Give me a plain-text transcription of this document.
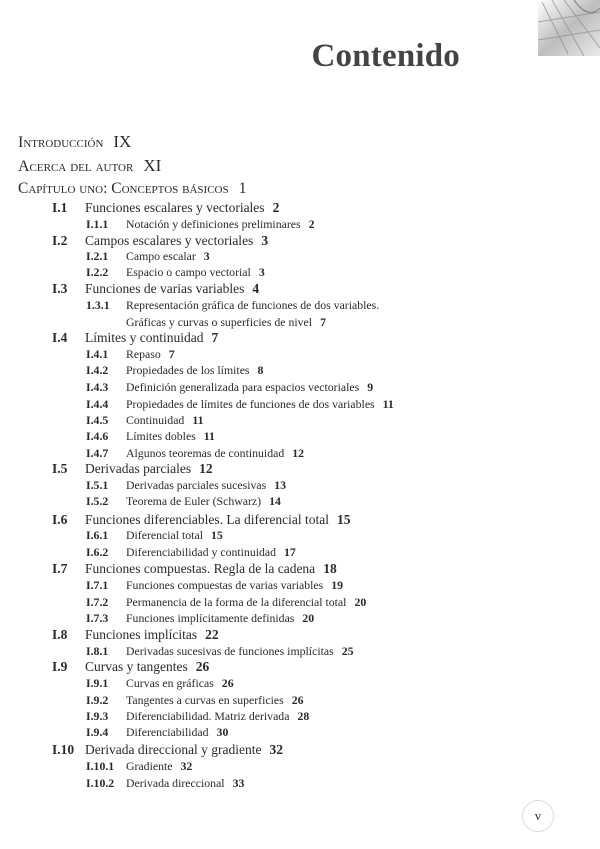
Contenido
Introducción IX
Acerca del autor XI
Capítulo uno: Conceptos básicos 1
I.1 Funciones escalares y vectoriales 2
I.1.1 Notación y definiciones preliminares 2
I.2 Campos escalares y vectoriales 3
I.2.1 Campo escalar 3
I.2.2 Espacio o campo vectorial 3
I.3 Funciones de varias variables 4
1.3.1 Representación gráfica de funciones de dos variables.
Gráficas y curvas o superficies de nivel 7
I.4 Límites y continuidad 7
I.4.1 Repaso 7
I.4.2 Propiedades de los límites 8
I.4.3 Definición generalizada para espacios vectoriales 9
I.4.4 Propiedades de límites de funciones de dos variables 11
I.4.5 Continuidad 11
I.4.6 Límites dobles 11
I.4.7 Algunos teoremas de continuidad 12
I.5 Derivadas parciales 12
I.5.1 Derivadas parciales sucesivas 13
I.5.2 Teorema de Euler (Schwarz) 14
I.6 Funciones diferenciables. La diferencial total 15
I.6.1 Diferencial total 15
I.6.2 Diferenciabilidad y continuidad 17
I.7 Funciones compuestas. Regla de la cadena 18
I.7.1 Funciones compuestas de varias variables 19
I.7.2 Permanencia de la forma de la diferencial total 20
I.7.3 Funciones implícitamente definidas 20
I.8 Funciones implícitas 22
I.8.1 Derivadas sucesivas de funciones implícitas 25
I.9 Curvas y tangentes 26
I.9.1 Curvas en gráficas 26
I.9.2 Tangentes a curvas en superficies 26
I.9.3 Diferenciabilidad. Matriz derivada 28
I.9.4 Diferenciabilidad 30
I.10 Derivada direccional y gradiente 32
I.10.1 Gradiente 32
I.10.2 Derivada direccional 33
v
